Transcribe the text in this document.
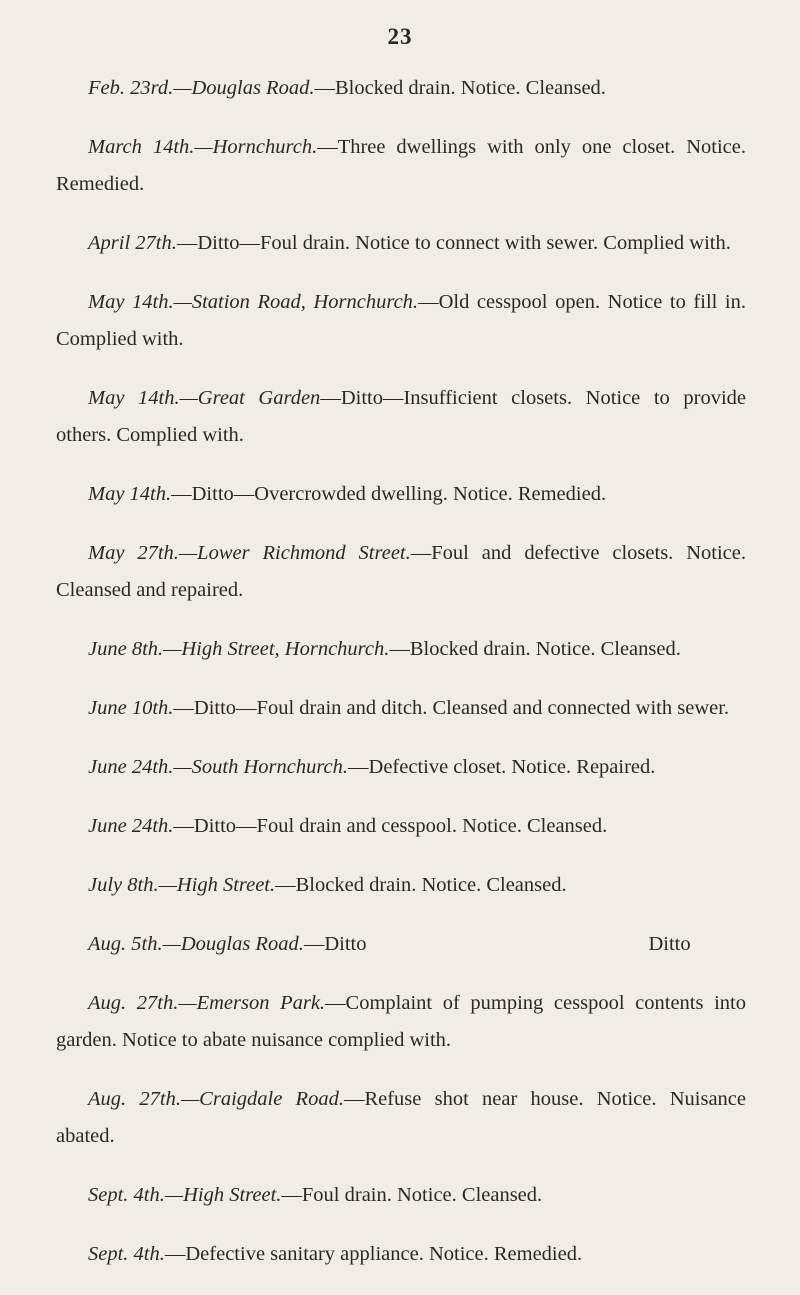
23

Feb. 23rd.—Douglas Road.—Blocked drain. Notice. Cleansed.

March 14th.—Hornchurch.—Three dwellings with only one closet. Notice. Remedied.

April 27th.—Ditto—Foul drain. Notice to connect with sewer. Complied with.

May 14th.—Station Road, Hornchurch.—Old cesspool open. Notice to fill in. Complied with.

May 14th.—Great Garden—Ditto—Insufficient closets. Notice to provide others. Complied with.

May 14th.—Ditto—Overcrowded dwelling. Notice. Remedied.

May 27th.—Lower Richmond Street.—Foul and defective closets. Notice. Cleansed and repaired.

June 8th.—High Street, Hornchurch.—Blocked drain. Notice. Cleansed.

June 10th.—Ditto—Foul drain and ditch. Cleansed and connected with sewer.

June 24th.—South Hornchurch.—Defective closet. Notice. Repaired.

June 24th.—Ditto—Foul drain and cesspool. Notice. Cleansed.

July 8th.—High Street.—Blocked drain. Notice. Cleansed.

Aug. 5th.—Douglas Road.—Ditto	Ditto

Aug. 27th.—Emerson Park.—Complaint of pumping cesspool contents into garden. Notice to abate nuisance complied with.

Aug. 27th.—Craigdale Road.—Refuse shot near house. Notice. Nuisance abated.

Sept. 4th.—High Street.—Foul drain. Notice. Cleansed.

Sept. 4th.—Defective sanitary appliance. Notice. Remedied.
